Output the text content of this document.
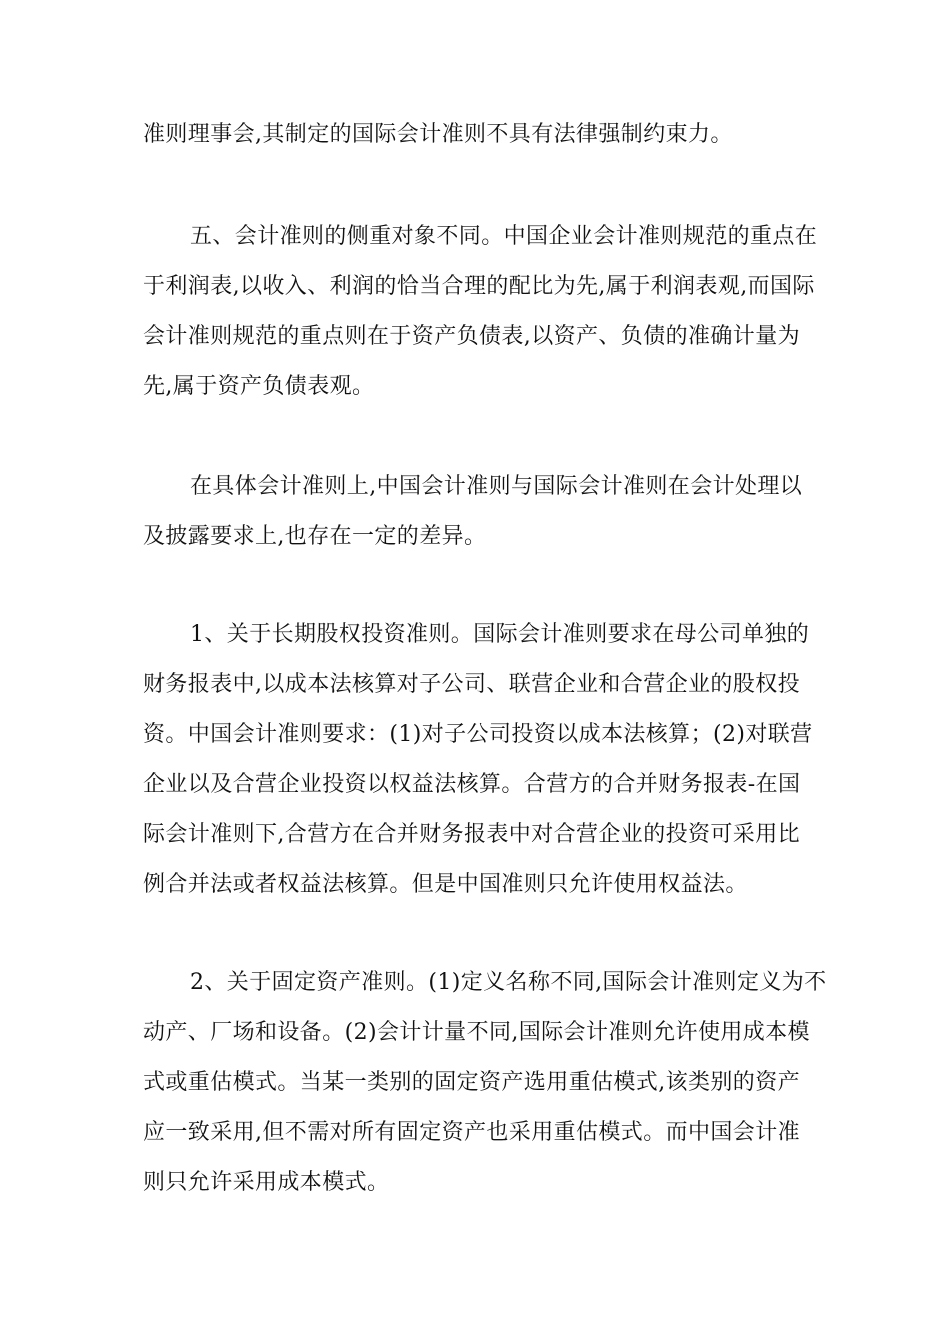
准则理事会,其制定的国际会计准则不具有法律强制约束力。
五、会计准则的侧重对象不同。中国企业会计准则规范的重点在
于利润表,以收入、利润的恰当合理的配比为先,属于利润表观,而国际
会计准则规范的重点则在于资产负债表,以资产、负债的准确计量为
先,属于资产负债表观。
在具体会计准则上,中国会计准则与国际会计准则在会计处理以
及披露要求上,也存在一定的差异。
1、关于长期股权投资准则。国际会计准则要求在母公司单独的
财务报表中,以成本法核算对子公司、联营企业和合营企业的股权投
资。中国会计准则要求：(1)对子公司投资以成本法核算；(2)对联营
企业以及合营企业投资以权益法核算。合营方的合并财务报表-在国
际会计准则下,合营方在合并财务报表中对合营企业的投资可采用比
例合并法或者权益法核算。但是中国准则只允许使用权益法。
2、关于固定资产准则。(1)定义名称不同,国际会计准则定义为不
动产、厂场和设备。(2)会计计量不同,国际会计准则允许使用成本模
式或重估模式。当某一类别的固定资产选用重估模式,该类别的资产
应一致采用,但不需对所有固定资产也采用重估模式。而中国会计准
则只允许采用成本模式。
